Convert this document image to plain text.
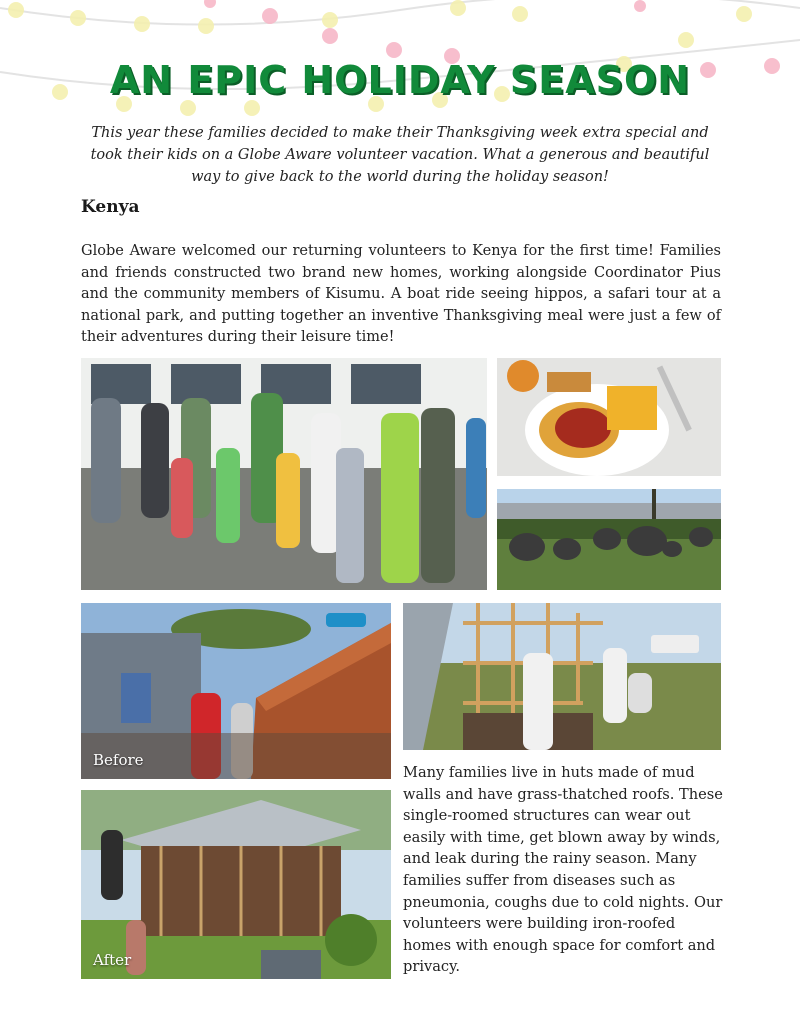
AN EPIC HOLIDAY SEASON
This year these families decided to make their Thanksgiving week extra special and took their kids on a Globe Aware volunteer vacation. What a generous and beautiful way to give back to the world during the holiday season!
Kenya
Globe Aware welcomed our returning volunteers to Kenya for the first time! Families and friends constructed two brand new homes, working alongside Coordinator Pius and the community members of Kisumu. A boat ride seeing hippos, a safari tour at a national park, and putting together an inventive Thanksgiving meal were just a few of their adventures during their leisure time!
Before
After
Many families live in huts made of mud walls and have grass-thatched roofs. These single-roomed structures can wear out easily with time, get blown away by winds, and leak during the rainy season. Many families suffer from diseases such as pneumonia, coughs due to cold nights. Our volunteers were building iron-roofed homes with enough space for comfort and privacy.
